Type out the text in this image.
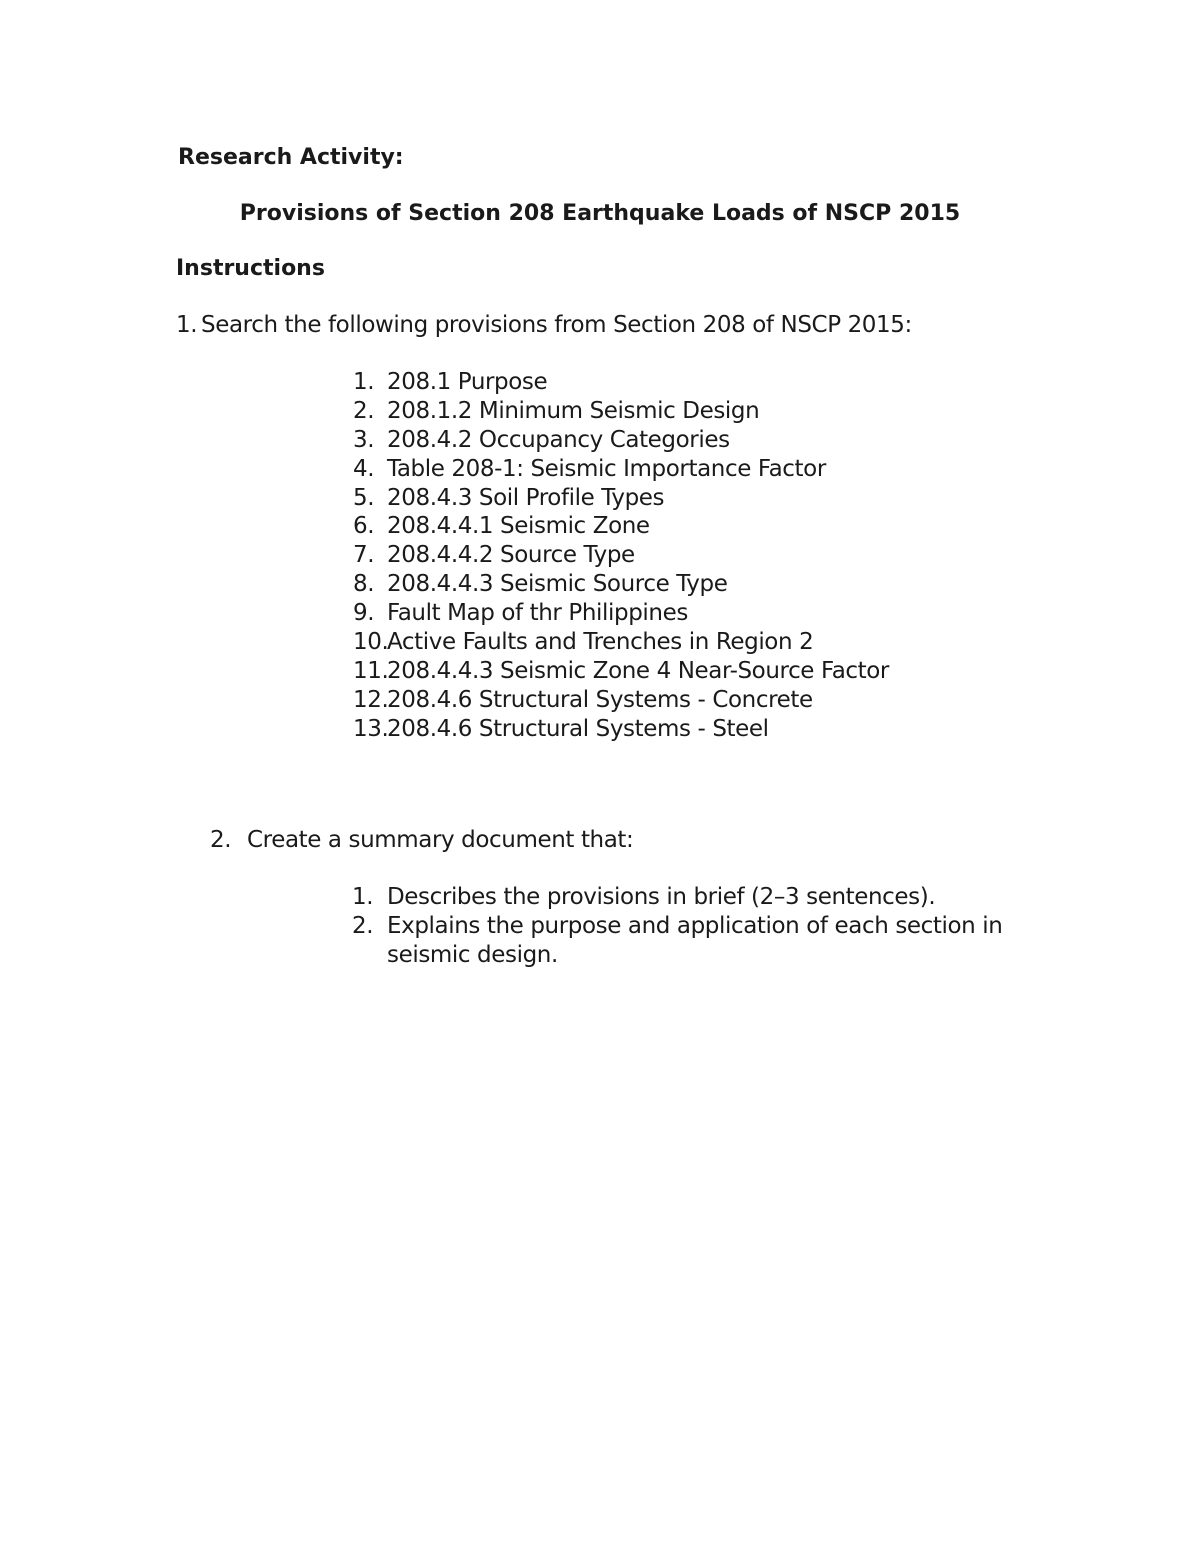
Research Activity:
Provisions of Section 208 Earthquake Loads of NSCP 2015
Instructions
1. Search the following provisions from Section 208 of NSCP 2015:
1. 208.1 Purpose
2. 208.1.2 Minimum Seismic Design
3. 208.4.2 Occupancy Categories
4. Table 208-1: Seismic Importance Factor
5. 208.4.3 Soil Profile Types
6. 208.4.4.1 Seismic Zone
7. 208.4.4.2 Source Type
8. 208.4.4.3 Seismic Source Type
9. Fault Map of thr Philippines
10.
Active Faults and Trenches in Region 2
11.
208.4.4.3 Seismic Zone 4 Near-Source Factor
12.
208.4.6 Structural Systems - Concrete
13.
208.4.6 Structural Systems - Steel
2. Create a summary document that:
1. Describes the provisions in brief (2–3 sentences).
2. Explains the purpose and application of each section in seismic design.
